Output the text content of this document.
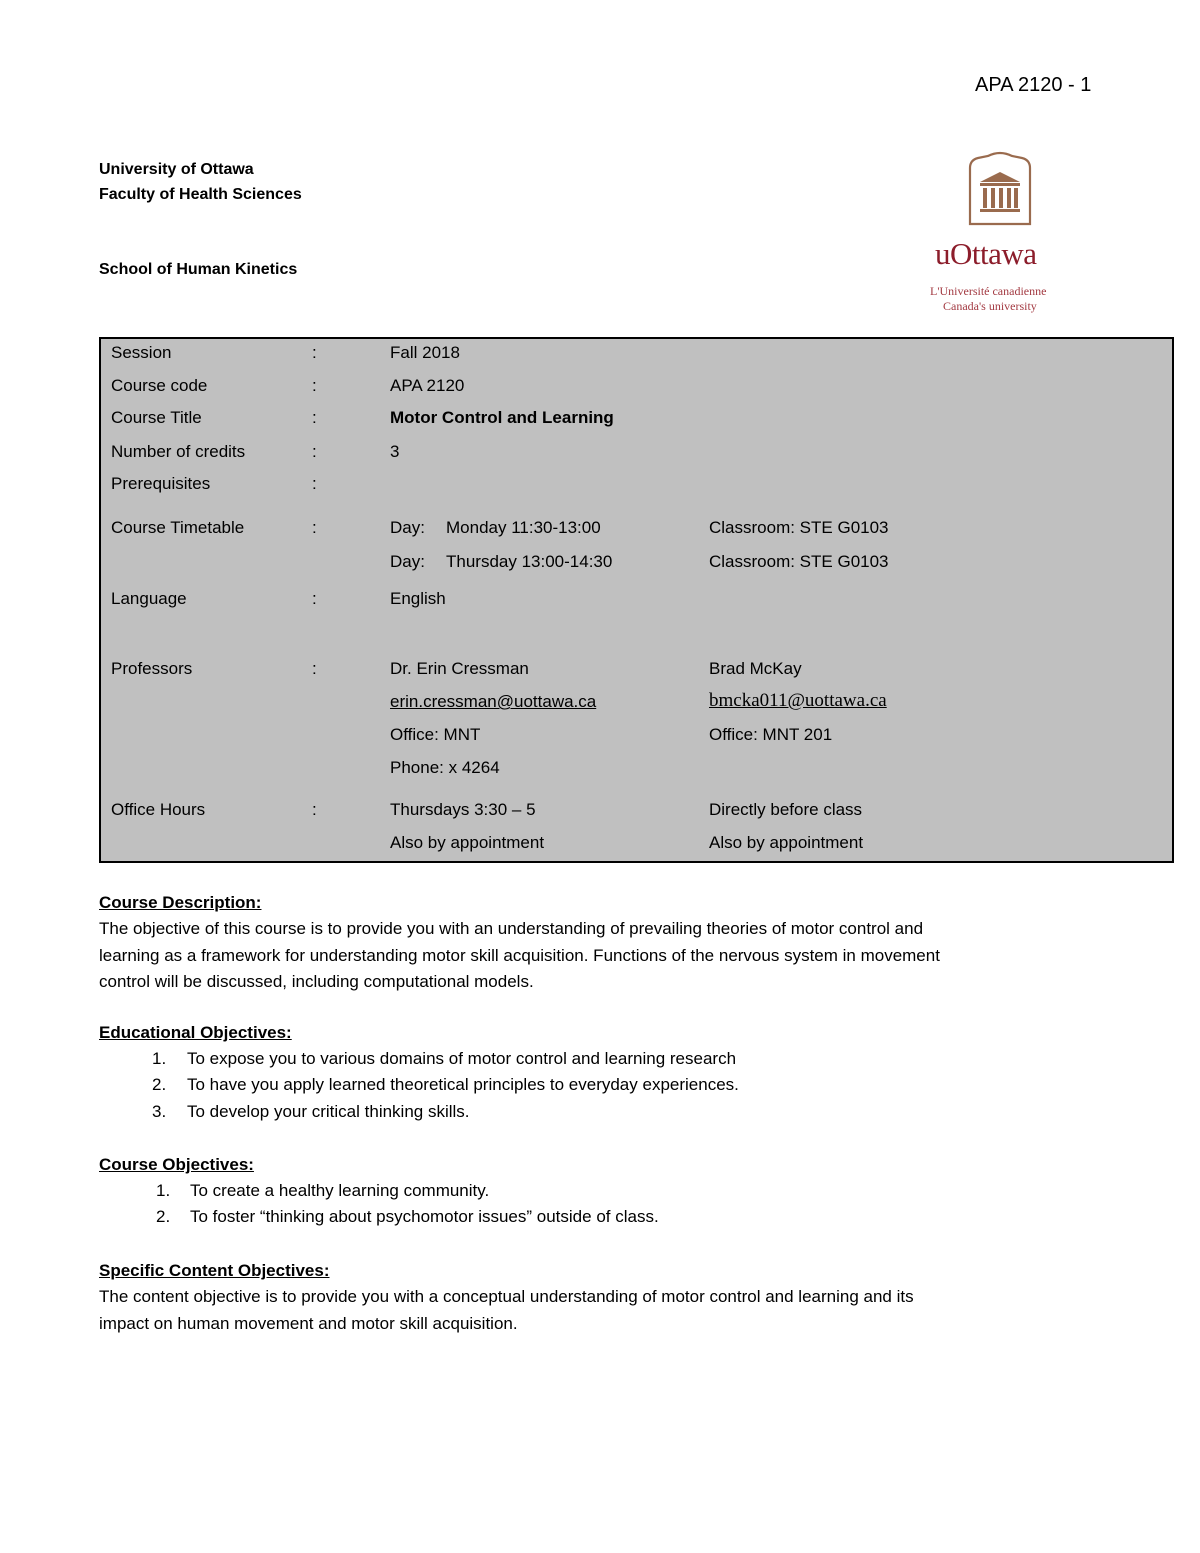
APA 2120 - 1
University of Ottawa
Faculty of Health Sciences
School of Human Kinetics	uOttawa
L'Université canadienne
Canada's university
Session	:	Fall 2018
Course code	:	APA 2120
Course Title	:	Motor Control and Learning
Number of credits	:	3
Prerequisites	:
Course Timetable	:	Day: Monday 11:30-13:00	Classroom: STE G0103
Day: Thursday 13:00-14:30	Classroom: STE G0103
Language	:	English
Professors	:	Dr. Erin Cressman	Brad McKay
erin.cressman@uottawa.ca	bmcka011@uottawa.ca
Office: MNT	Office: MNT 201
Phone: x 4264
Office Hours	:	Thursdays 3:30 – 5	Directly before class
Also by appointment	Also by appointment
Course Description:
The objective of this course is to provide you with an understanding of prevailing theories of motor control and
learning as a framework for understanding motor skill acquisition. Functions of the nervous system in movement
control will be discussed, including computational models.
Educational Objectives:
1. To expose you to various domains of motor control and learning research
2. To have you apply learned theoretical principles to everyday experiences.
3. To develop your critical thinking skills.
Course Objectives:
1. To create a healthy learning community.
2. To foster “thinking about psychomotor issues” outside of class.
Specific Content Objectives:
The content objective is to provide you with a conceptual understanding of motor control and learning and its
impact on human movement and motor skill acquisition.
